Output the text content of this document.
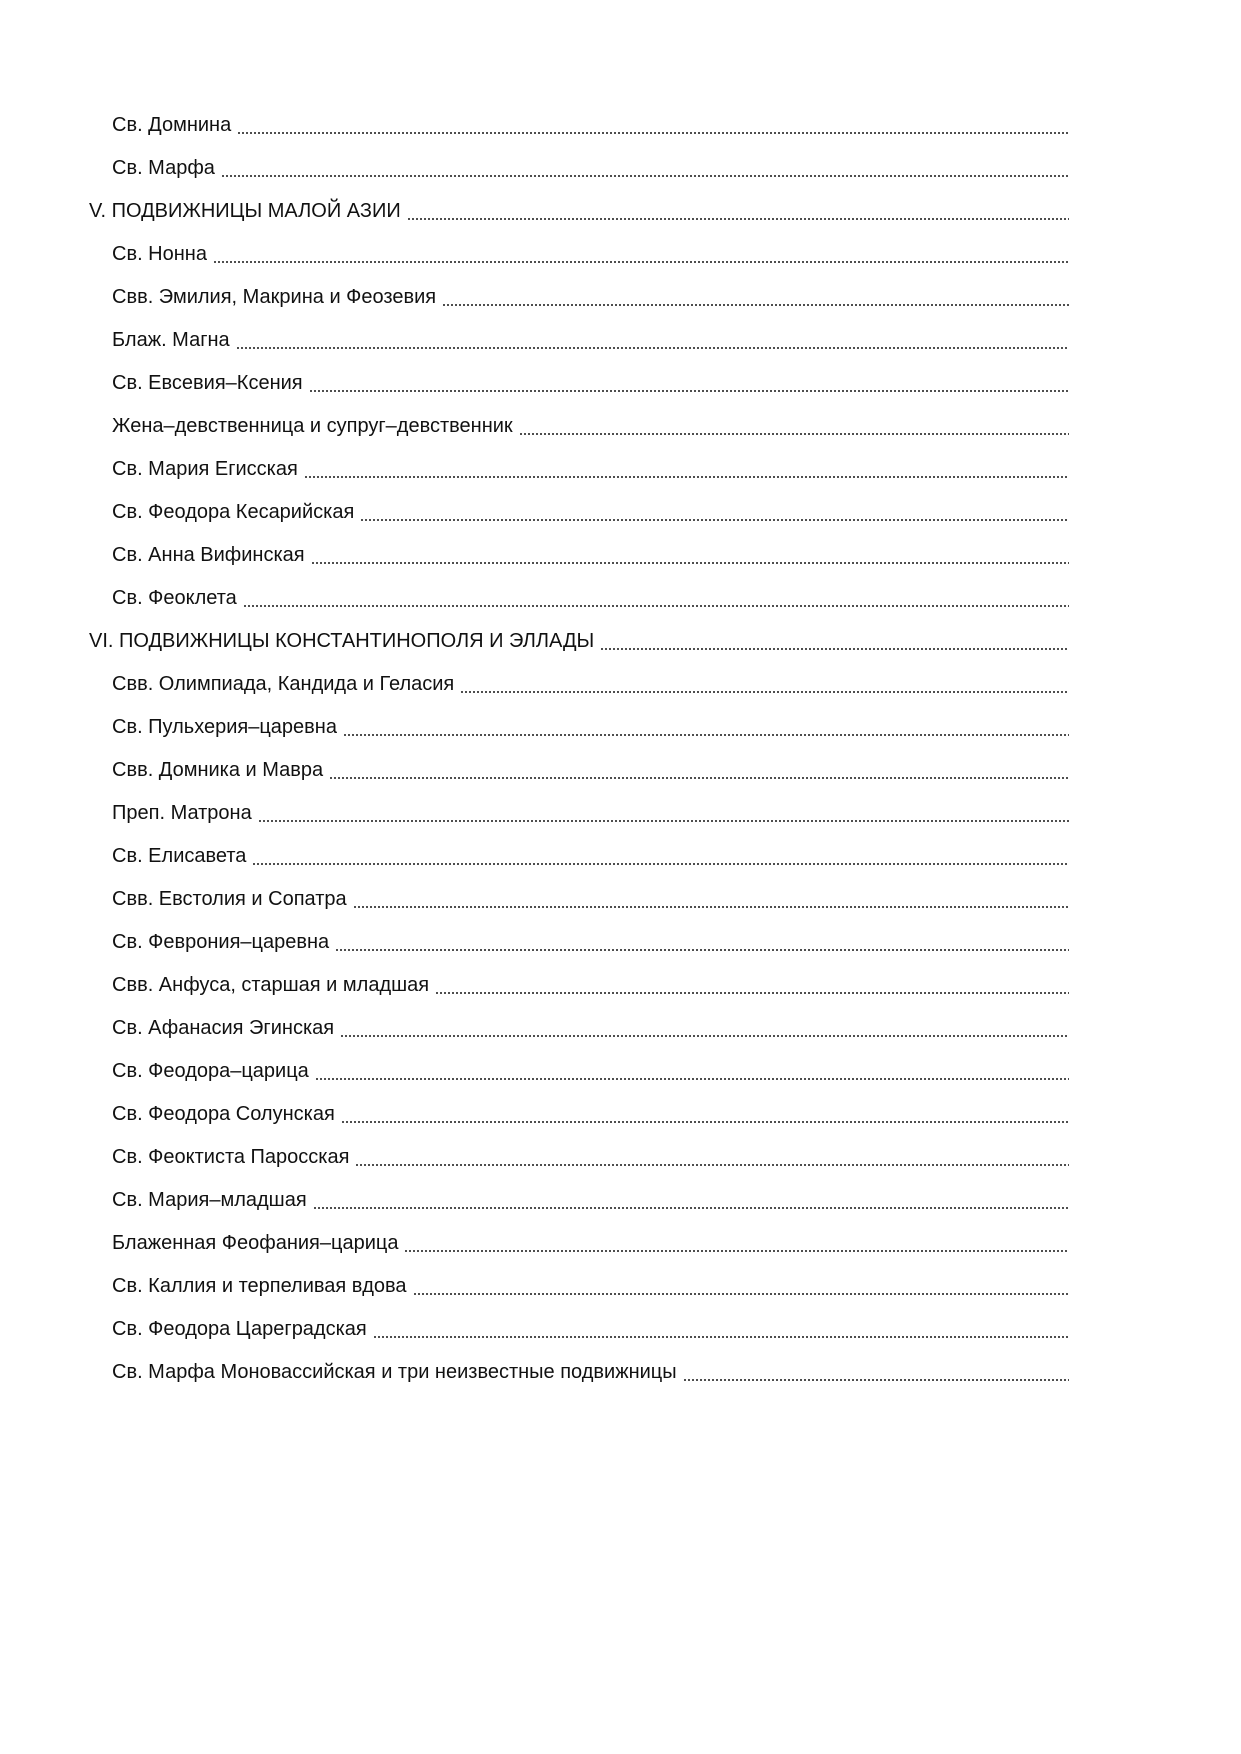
Св. Домнина
Св. Марфа
V. ПОДВИЖНИЦЫ МАЛОЙ АЗИИ
Св. Нонна
Свв. Эмилия, Макрина и Феозевия
Блаж. Магна
Св. Евсевия–Ксения
Жена–девственница и супруг–девственник
Св. Мария Егисская
Св. Феодора Кесарийская
Св. Анна Вифинская
Св. Феоклета
VI. ПОДВИЖНИЦЫ КОНСТАНТИНОПОЛЯ И ЭЛЛАДЫ
Свв. Олимпиада, Кандида и Геласия
Св. Пульхерия–царевна
Свв. Домника и Мавра
Преп. Матрона
Св. Елисавета
Свв. Евстолия и Сопатра
Св. Феврония–царевна
Свв. Анфуса, старшая и младшая
Св. Афанасия Эгинская
Св. Феодора–царица
Св. Феодора Солунская
Св. Феоктиста Паросская
Св. Мария–младшая
Блаженная Феофания–царица
Св. Каллия и терпеливая вдова
Св. Феодора Цареградская
Св. Марфа Моновассийская и три неизвестные подвижницы
